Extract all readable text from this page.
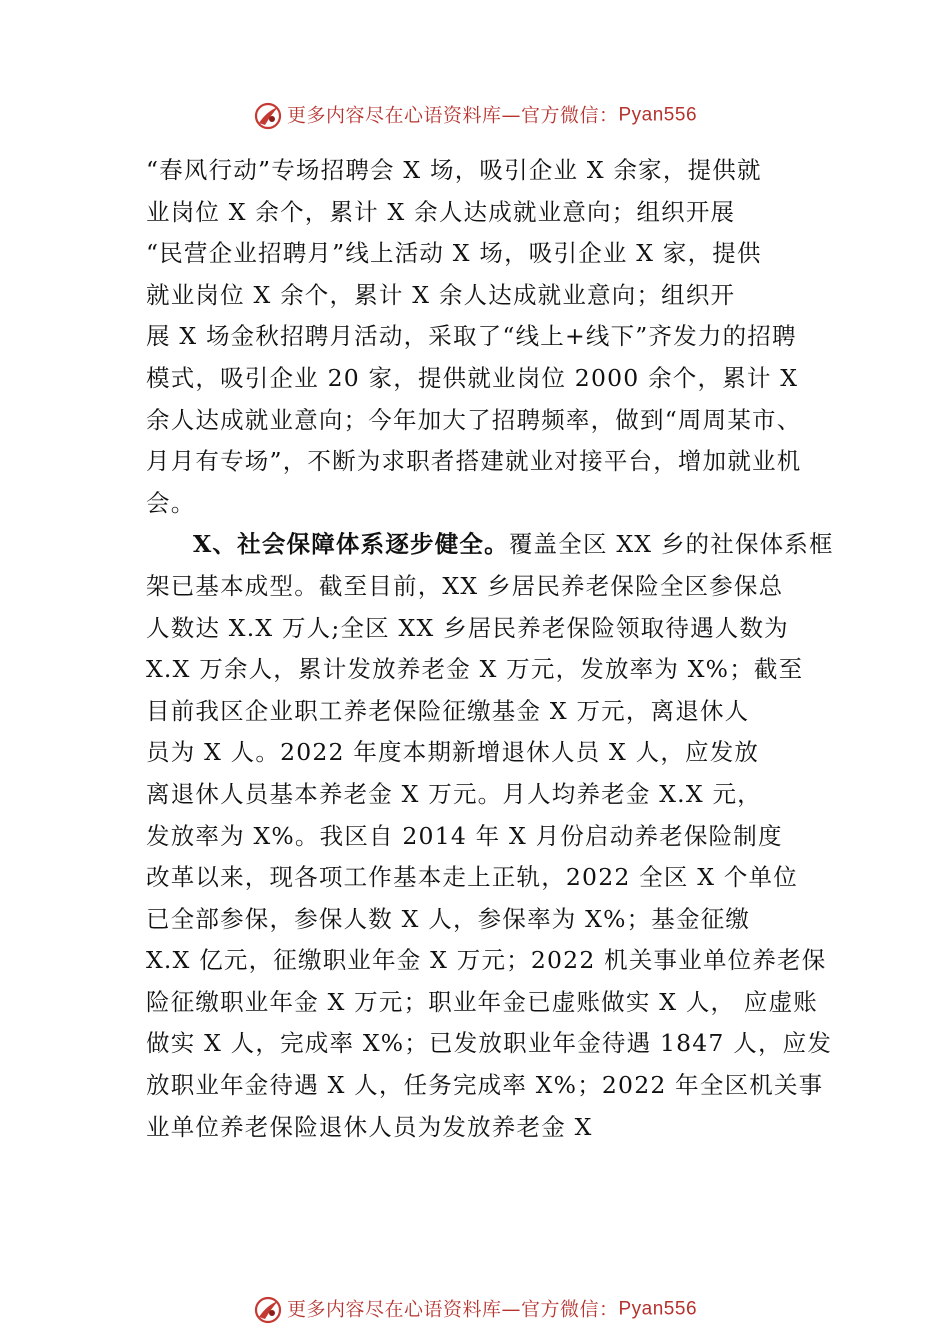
更多内容尽在心语资料库—官方微信：Pyan556
“春风行动”专场招聘会 X 场，吸引企业 X 余家，提供就
业岗位 X 余个，累计 X 余人达成就业意向；组织开展
“民营企业招聘月”线上活动 X 场，吸引企业 X 家，提供
就业岗位 X 余个，累计 X 余人达成就业意向；组织开
展 X 场金秋招聘月活动，采取了“线上+线下”齐发力的招聘
模式，吸引企业 20 家，提供就业岗位 2000 余个，累计 X
余人达成就业意向；今年加大了招聘频率，做到“周周某市、
月月有专场”，不断为求职者搭建就业对接平台，增加就业机
会。
X、社会保障体系逐步健全。覆盖全区 XX 乡的社保体系框
架已基本成型。截至目前，XX 乡居民养老保险全区参保总
人数达 X.X 万人;全区 XX 乡居民养老保险领取待遇人数为
X.X 万余人，累计发放养老金 X 万元，发放率为 X%；截至
目前我区企业职工养老保险征缴基金 X 万元，离退休人
员为 X 人。2022 年度本期新增退休人员 X 人，应发放
离退休人员基本养老金 X 万元。月人均养老金 X.X 元，
发放率为 X%。我区自 2014 年 X 月份启动养老保险制度
改革以来，现各项工作基本走上正轨，2022 全区 X 个单位
已全部参保，参保人数 X 人，参保率为 X%；基金征缴
X.X 亿元，征缴职业年金 X 万元；2022 机关事业单位养老保
险征缴职业年金 X 万元；职业年金已虚账做实 X 人， 应虚账
做实 X 人，完成率 X%；已发放职业年金待遇 1847 人，应发
放职业年金待遇 X 人，任务完成率 X%；2022 年全区机关事
业单位养老保险退休人员为发放养老金 X
更多内容尽在心语资料库—官方微信：Pyan556
